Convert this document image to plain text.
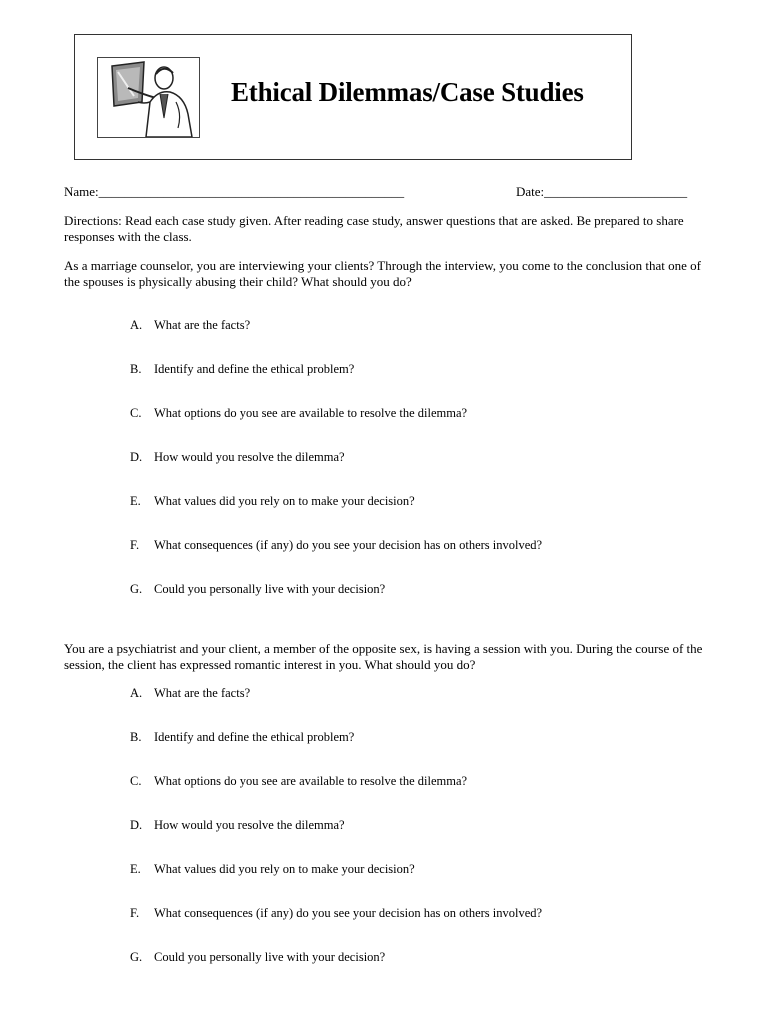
Ethical Dilemmas/Case Studies
Name:_______________________________________________	Date:______________________
Directions: Read each case study given. After reading case study, answer questions that are asked. Be prepared to share responses with the class.
As a marriage counselor, you are interviewing your clients? Through the interview, you come to the conclusion that one of the spouses is physically abusing their child? What should you do?
A. What are the facts?
B. Identify and define the ethical problem?
C. What options do you see are available to resolve the dilemma?
D. How would you resolve the dilemma?
E. What values did you rely on to make your decision?
F. What consequences (if any) do you see your decision has on others involved?
G. Could you personally live with your decision?
You are a psychiatrist and your client, a member of the opposite sex, is having a session with you. During the course of the session, the client has expressed romantic interest in you. What should you do?
A. What are the facts?
B. Identify and define the ethical problem?
C. What options do you see are available to resolve the dilemma?
D. How would you resolve the dilemma?
E. What values did you rely on to make your decision?
F. What consequences (if any) do you see your decision has on others involved?
G. Could you personally live with your decision?
